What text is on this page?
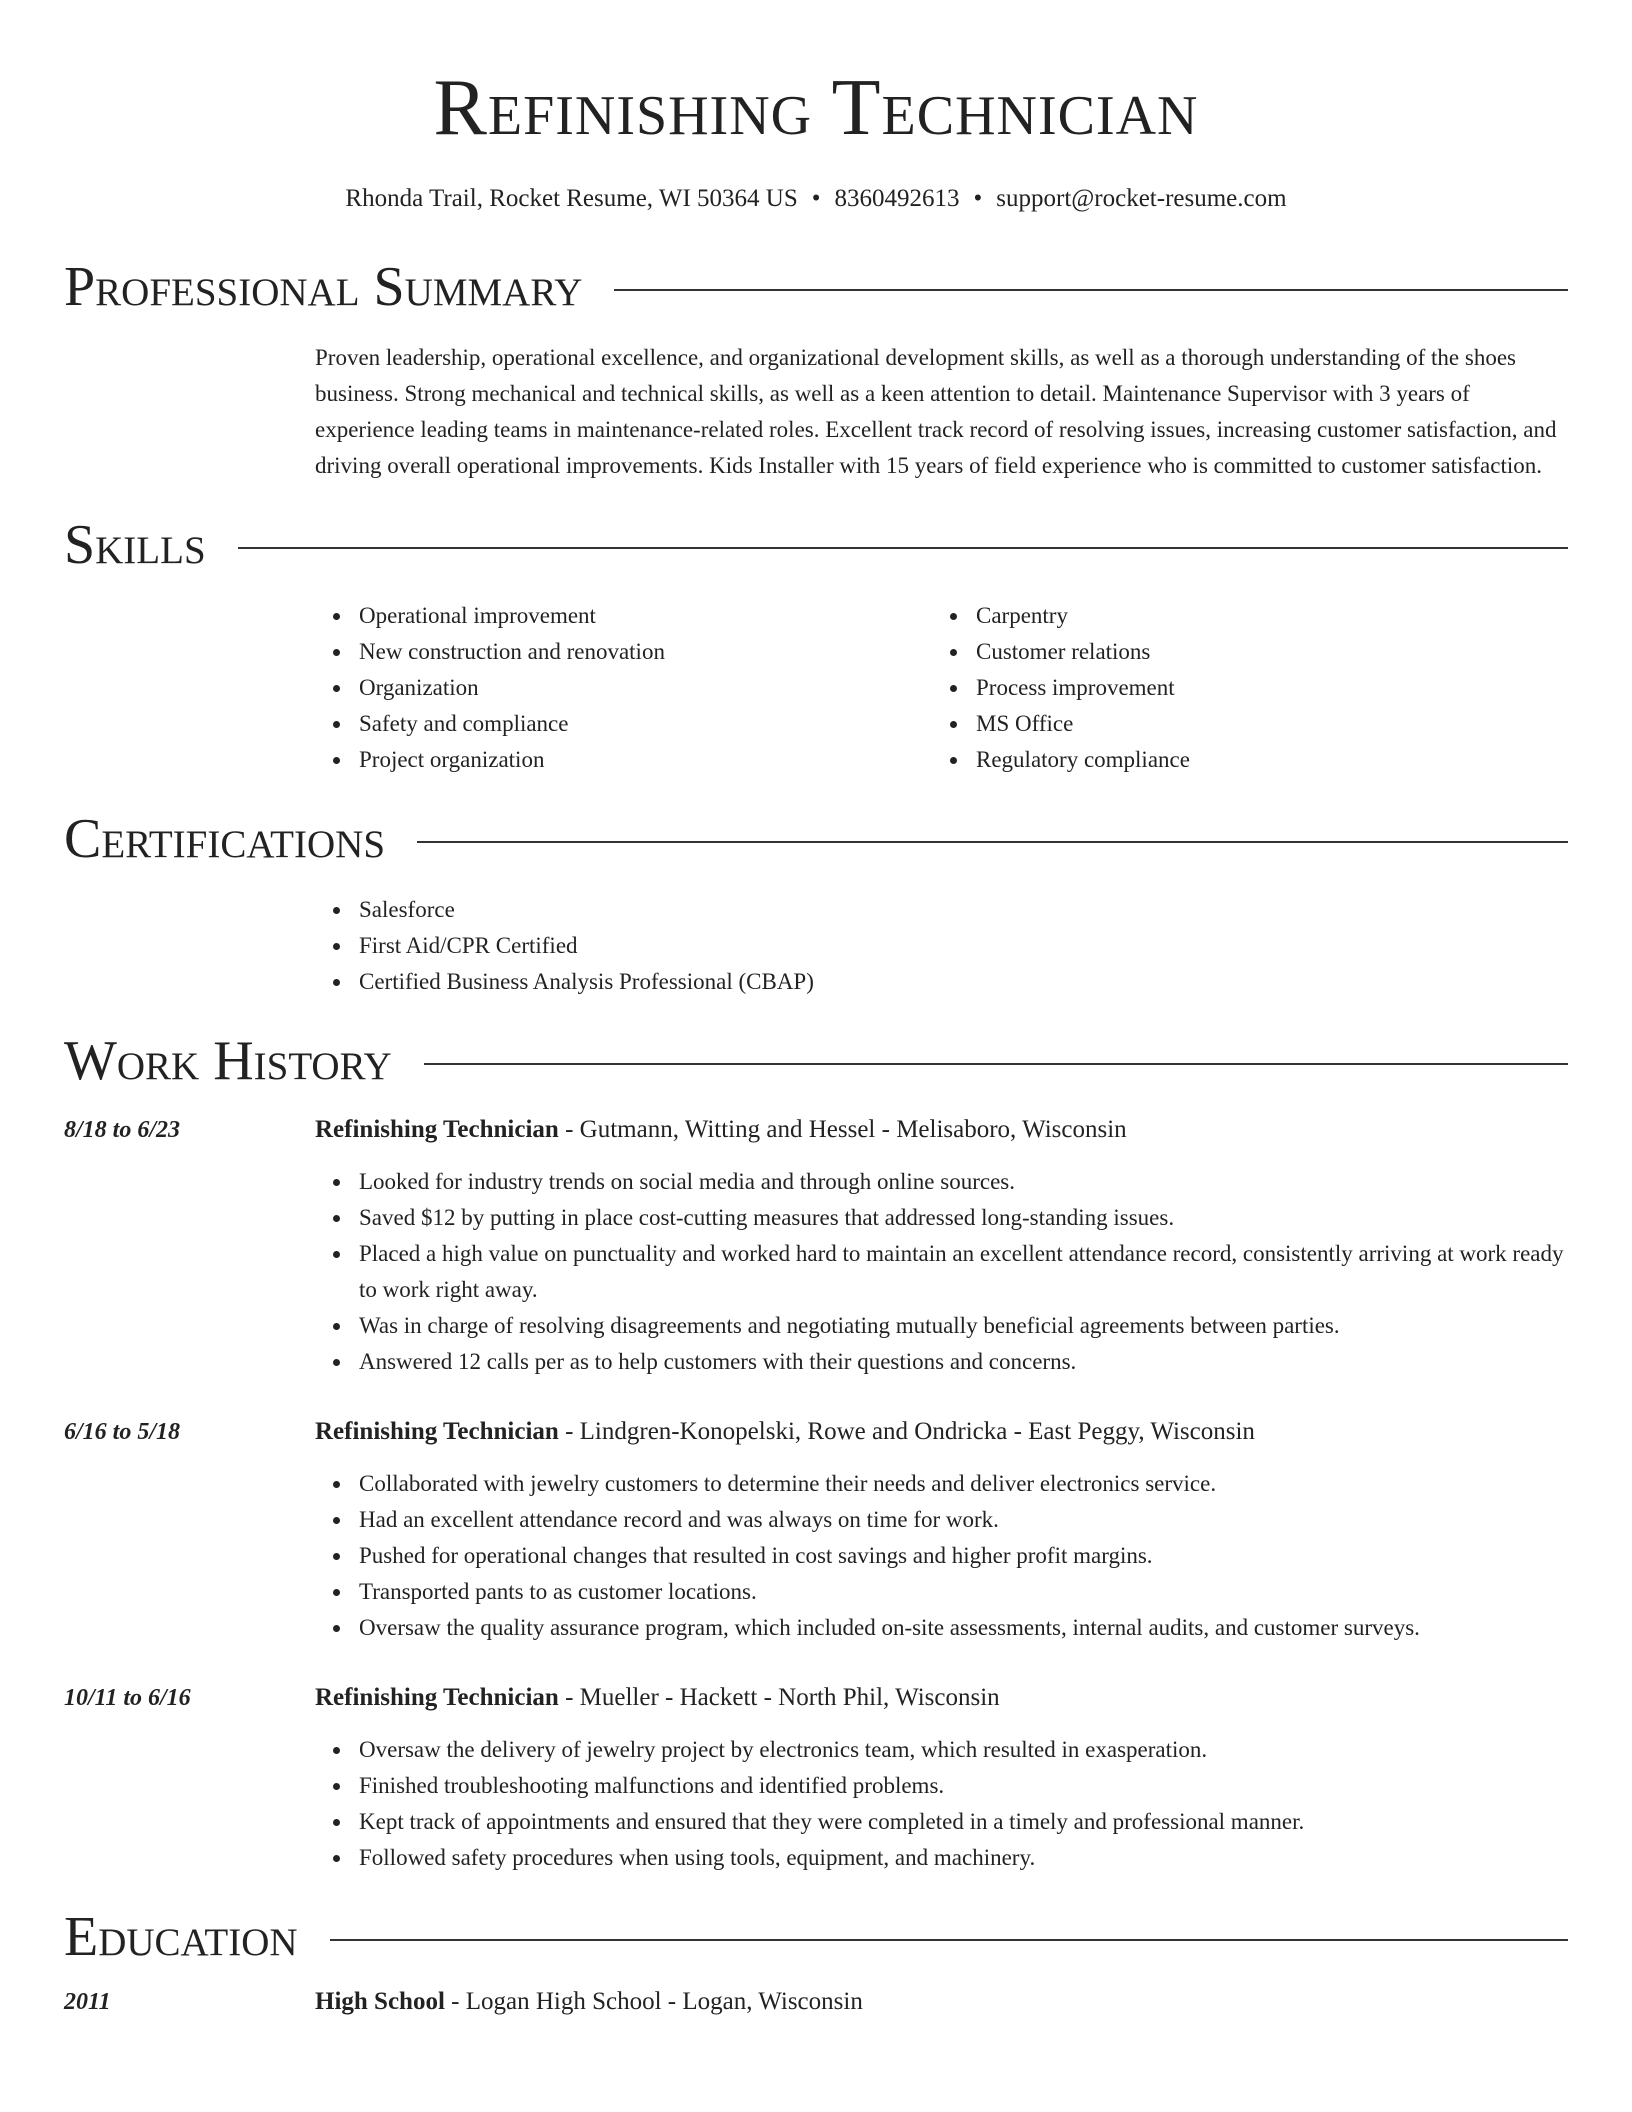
Refinishing Technician
Rhonda Trail, Rocket Resume, WI 50364 US • 8360492613 • support@rocket-resume.com
Professional Summary

Proven leadership, operational excellence, and organizational development skills, as well as a thorough understanding of the shoes business. Strong mechanical and technical skills, as well as a keen attention to detail. Maintenance Supervisor with 3 years of experience leading teams in maintenance-related roles. Excellent track record of resolving issues, increasing customer satisfaction, and driving overall operational improvements. Kids Installer with 15 years of field experience who is committed to customer satisfaction.

Skills
Operational improvement
New construction and renovation
Organization
Safety and compliance
Project organization
Carpentry
Customer relations
Process improvement
MS Office
Regulatory compliance
Certifications
Salesforce
First Aid/CPR Certified
Certified Business Analysis Professional (CBAP)
Work History
8/18 to 6/23	Refinishing Technician - Gutmann, Witting and Hessel - Melisaboro, Wisconsin
Looked for industry trends on social media and through online sources.
Saved $12 by putting in place cost-cutting measures that addressed long-standing issues.
Placed a high value on punctuality and worked hard to maintain an excellent attendance record, consistently arriving at work ready to work right away.
Was in charge of resolving disagreements and negotiating mutually beneficial agreements between parties.
Answered 12 calls per as to help customers with their questions and concerns.
6/16 to 5/18	Refinishing Technician - Lindgren-Konopelski, Rowe and Ondricka - East Peggy, Wisconsin
Collaborated with jewelry customers to determine their needs and deliver electronics service.
Had an excellent attendance record and was always on time for work.
Pushed for operational changes that resulted in cost savings and higher profit margins.
Transported pants to as customer locations.
Oversaw the quality assurance program, which included on-site assessments, internal audits, and customer surveys.
10/11 to 6/16	Refinishing Technician - Mueller - Hackett - North Phil, Wisconsin
Oversaw the delivery of jewelry project by electronics team, which resulted in exasperation.
Finished troubleshooting malfunctions and identified problems.
Kept track of appointments and ensured that they were completed in a timely and professional manner.
Followed safety procedures when using tools, equipment, and machinery.
Education
2011	High School - Logan High School - Logan, Wisconsin
